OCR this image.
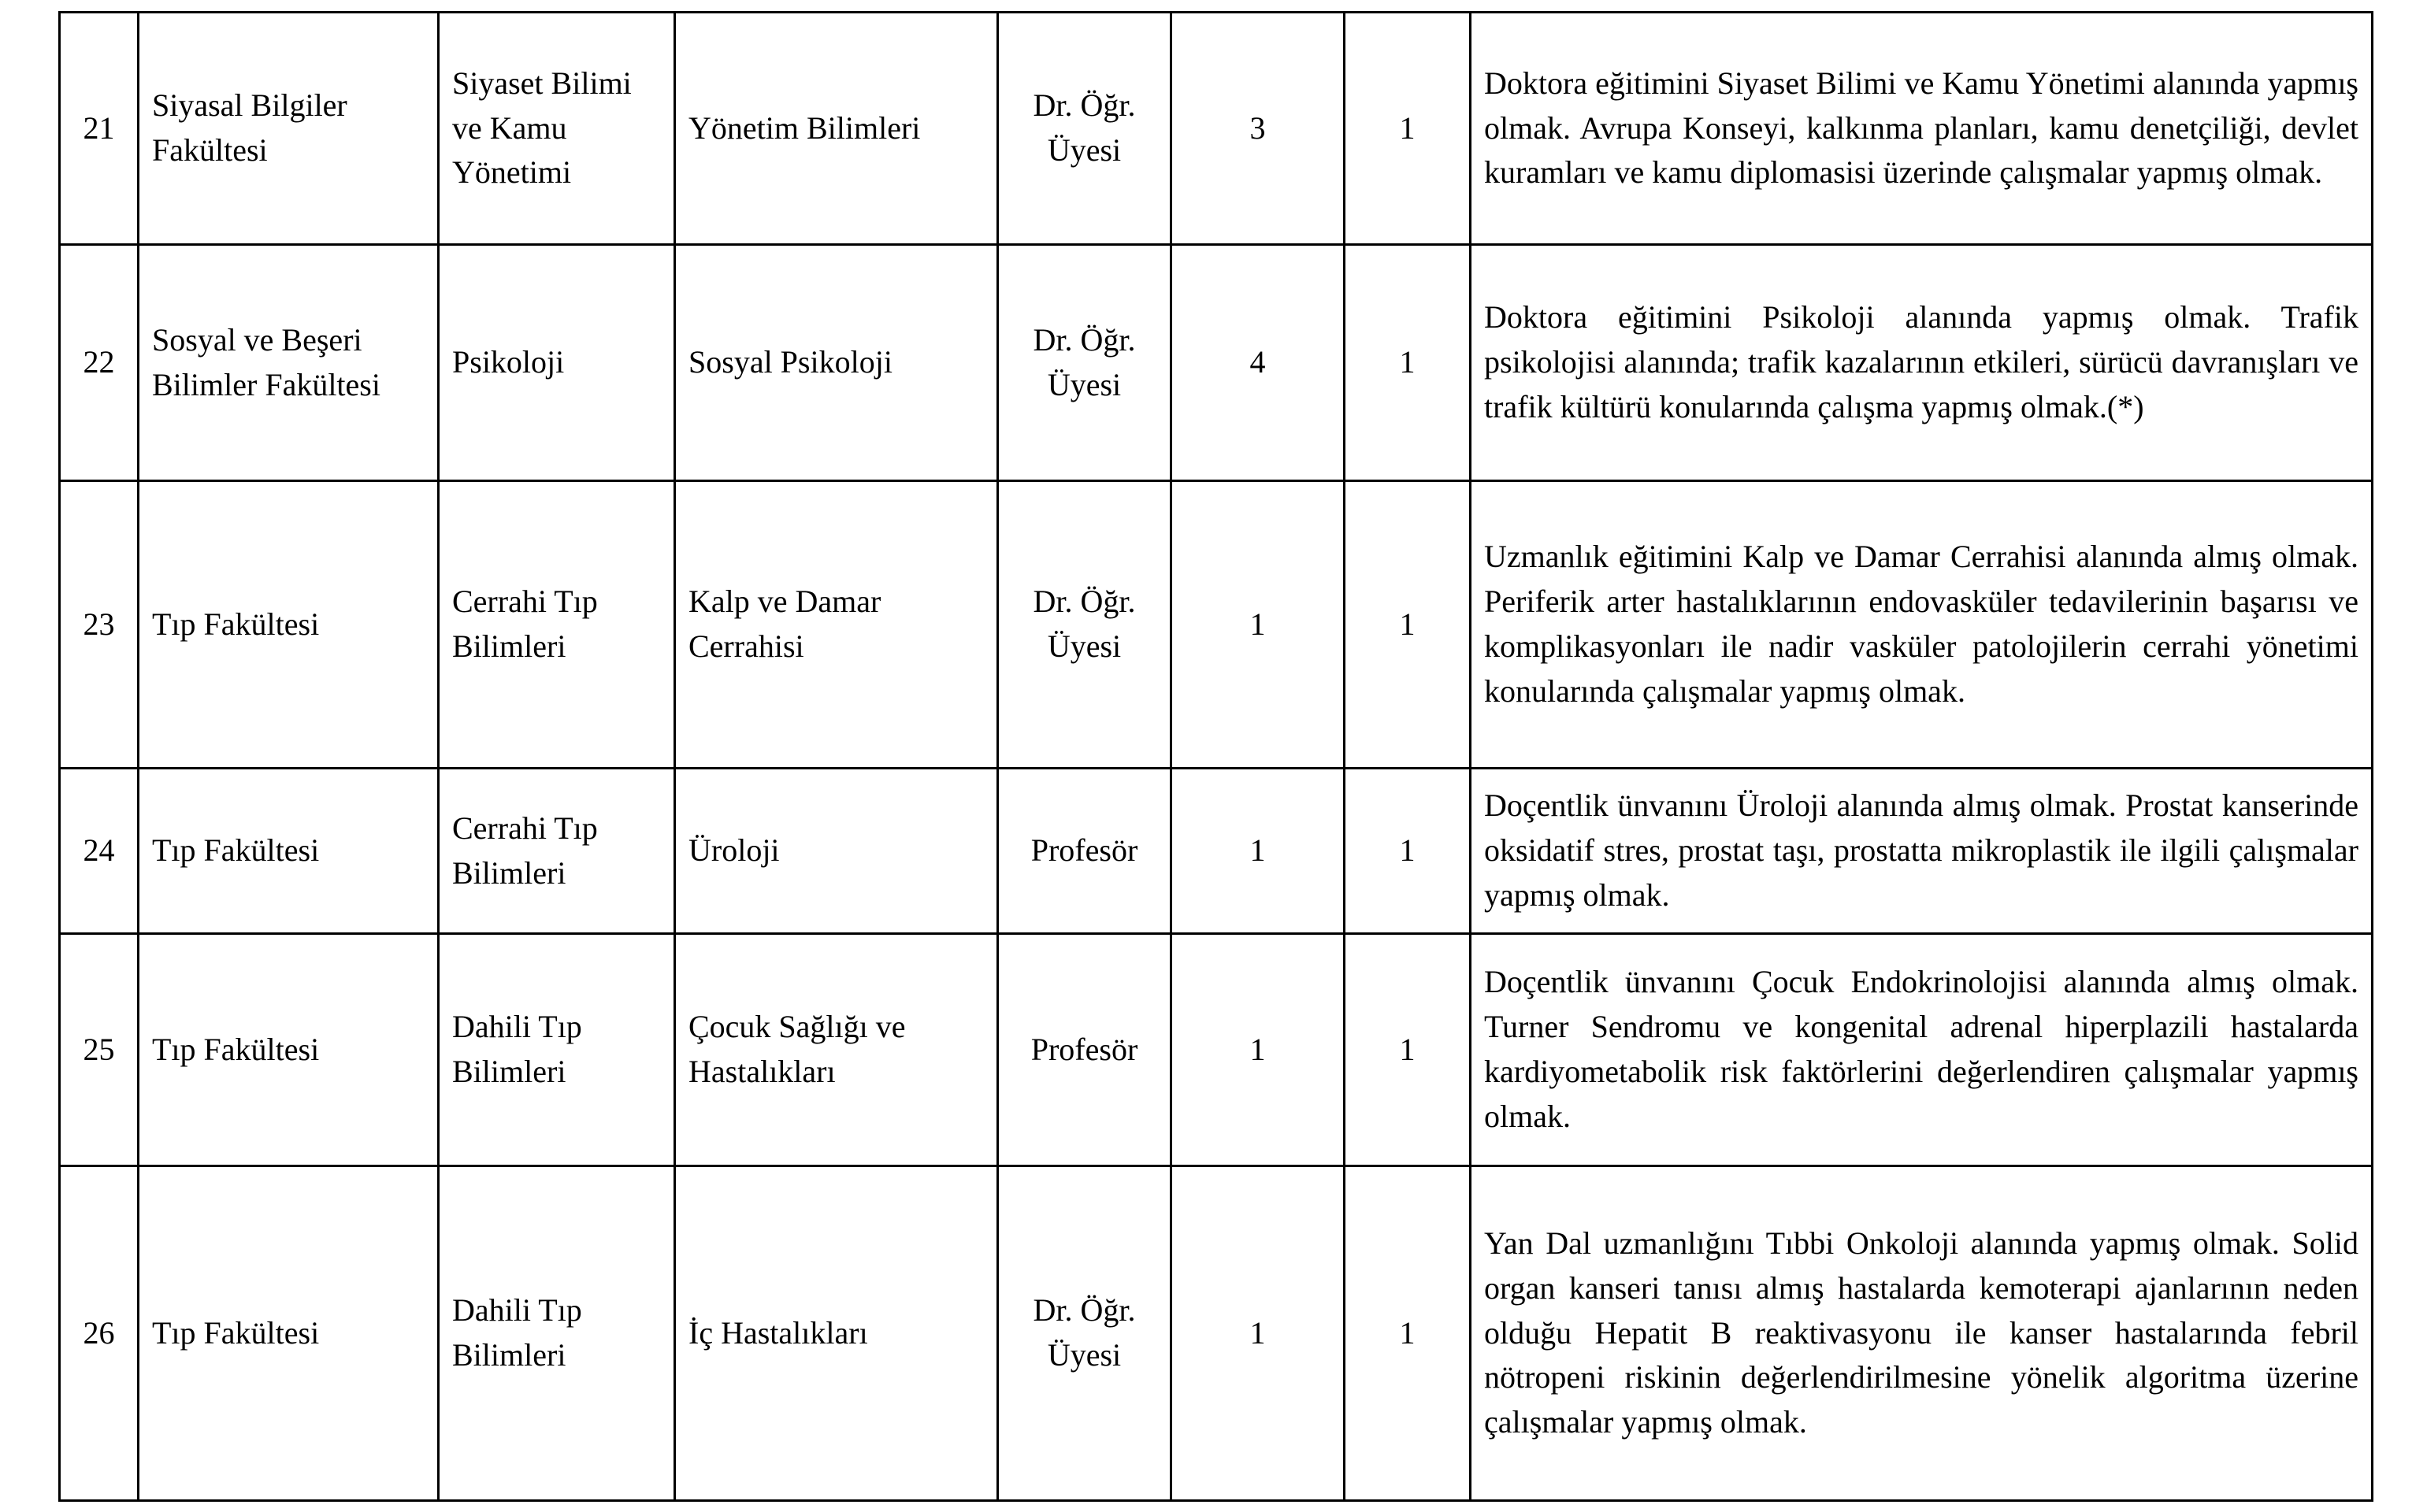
21	Siyasal Bilgiler Fakültesi	Siyaset Bilimi ve Kamu Yönetimi	Yönetim Bilimleri	Dr. Öğr. Üyesi	3	1	Doktora eğitimini Siyaset Bilimi ve Kamu Yönetimi alanında yapmış olmak. Avrupa Konseyi, kalkınma planları, kamu denetçiliği, devlet kuramları ve kamu diplomasisi üzerinde çalışmalar yapmış olmak.
22	Sosyal ve Beşeri Bilimler Fakültesi	Psikoloji	Sosyal Psikoloji	Dr. Öğr. Üyesi	4	1	Doktora eğitimini Psikoloji alanında yapmış olmak. Trafik psikolojisi alanında; trafik kazalarının etkileri, sürücü davranışları ve trafik kültürü konularında çalışma yapmış olmak.(*)
23	Tıp Fakültesi	Cerrahi Tıp Bilimleri	Kalp ve Damar Cerrahisi	Dr. Öğr. Üyesi	1	1	Uzmanlık eğitimini Kalp ve Damar Cerrahisi alanında almış olmak. Periferik arter hastalıklarının endovasküler tedavilerinin başarısı ve komplikasyonları ile nadir vasküler patolojilerin cerrahi yönetimi konularında çalışmalar yapmış olmak.
24	Tıp Fakültesi	Cerrahi Tıp Bilimleri	Üroloji	Profesör	1	1	Doçentlik ünvanını Üroloji alanında almış olmak. Prostat kanserinde oksidatif stres, prostat taşı, prostatta mikroplastik ile ilgili çalışmalar yapmış olmak.
25	Tıp Fakültesi	Dahili Tıp Bilimleri	Çocuk Sağlığı ve Hastalıkları	Profesör	1	1	Doçentlik ünvanını Çocuk Endokrinolojisi alanında almış olmak. Turner Sendromu ve kongenital adrenal hiperplazili hastalarda kardiyometabolik risk faktörlerini değerlendiren çalışmalar yapmış olmak.
26	Tıp Fakültesi	Dahili Tıp Bilimleri	İç Hastalıkları	Dr. Öğr. Üyesi	1	1	Yan Dal uzmanlığını Tıbbi Onkoloji alanında yapmış olmak. Solid organ kanseri tanısı almış hastalarda kemoterapi ajanlarının neden olduğu Hepatit B reaktivasyonu ile kanser hastalarında febril nötropeni riskinin değerlendirilmesine yönelik algoritma üzerine çalışmalar yapmış olmak.
